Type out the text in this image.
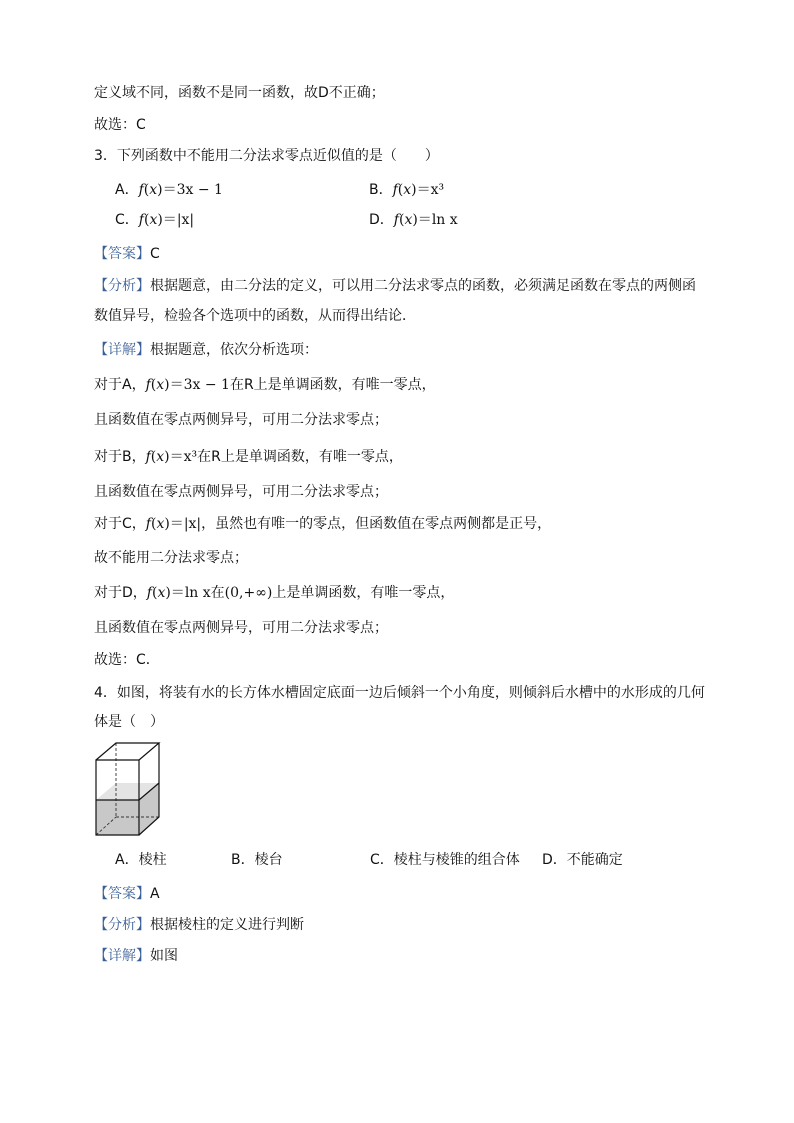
定义域不同，函数不是同一函数，故D不正确；
故选：C
3．下列函数中不能用二分法求零点近似值的是（　　）
A．f(x)＝3x − 1	B．f(x)＝x³
C．f(x)＝|x|	D．f(x)＝ln x
【答案】C
【分析】根据题意，由二分法的定义，可以用二分法求零点的函数，必须满足函数在零点的两侧函
数值异号，检验各个选项中的函数，从而得出结论．
【详解】根据题意，依次分析选项：
对于A，f(x)＝3x − 1在R上是单调函数，有唯一零点，
且函数值在零点两侧异号，可用二分法求零点；
对于B，f(x)＝x³在R上是单调函数，有唯一零点，
且函数值在零点两侧异号，可用二分法求零点；
对于C，f(x)＝|x|，虽然也有唯一的零点，但函数值在零点两侧都是正号，
故不能用二分法求零点；
对于D，f(x)＝ln x在(0,+∞)上是单调函数，有唯一零点，
且函数值在零点两侧异号，可用二分法求零点；
故选：C．
4．如图，将装有水的长方体水槽固定底面一边后倾斜一个小角度，则倾斜后水槽中的水形成的几何
体是（　）
A．棱柱	B．棱台	C．棱柱与棱锥的组合体 D．不能确定
【答案】A
【分析】根据棱柱的定义进行判断
【详解】如图
